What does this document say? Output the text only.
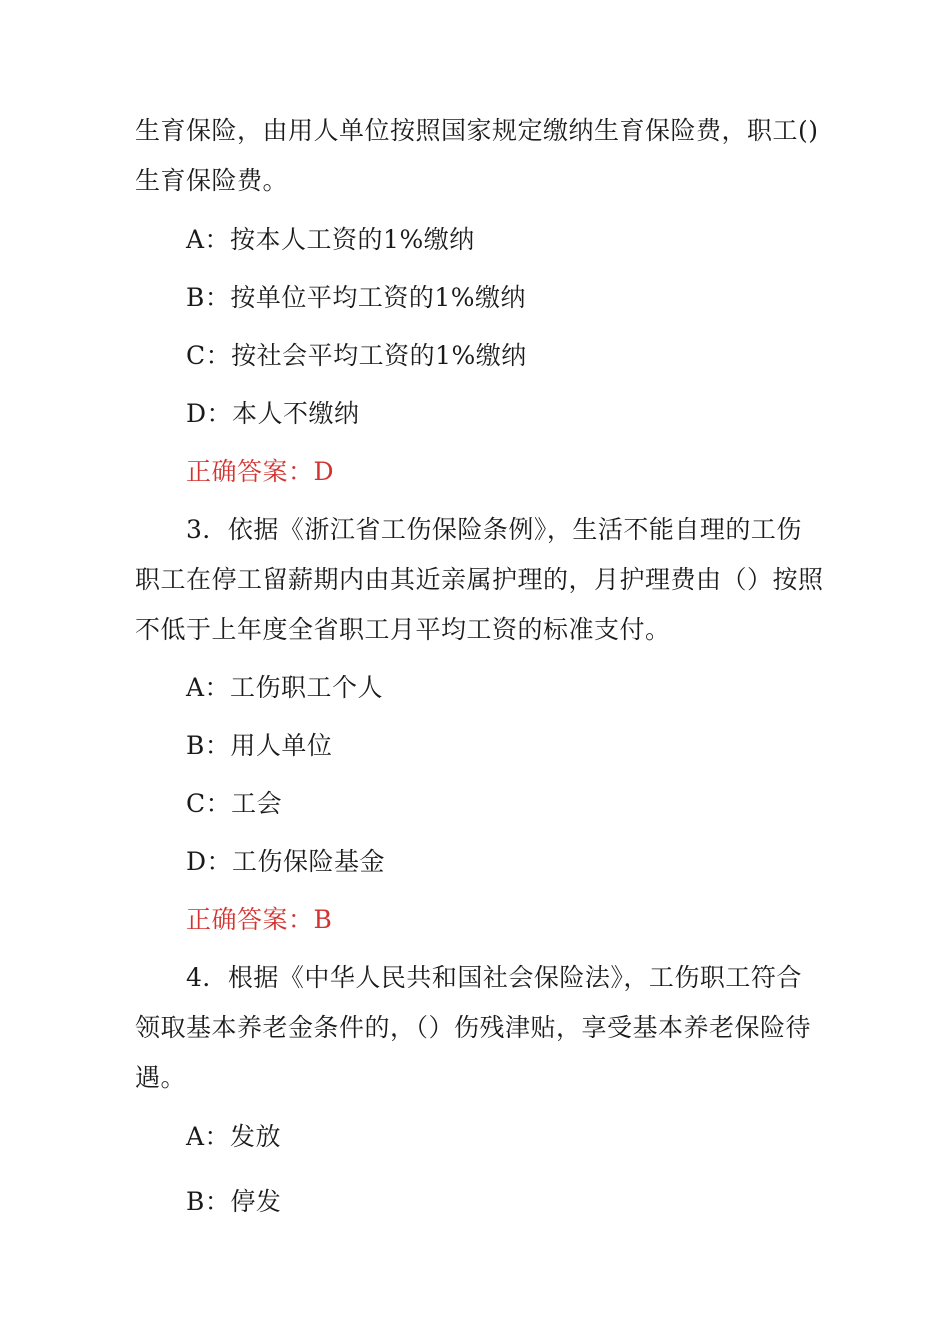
生育保险，由用人单位按照国家规定缴纳生育保险费，职工()
生育保险费。
A：按本人工资的1%缴纳
B：按单位平均工资的1%缴纳
C：按社会平均工资的1%缴纳
D：本人不缴纳
正确答案：D
3．依据《浙江省工伤保险条例》，生活不能自理的工伤
职工在停工留薪期内由其近亲属护理的，月护理费由（）按照
不低于上年度全省职工月平均工资的标准支付。
A：工伤职工个人
B：用人单位
C：工会
D：工伤保险基金
正确答案：B
4．根据《中华人民共和国社会保险法》，工伤职工符合
领取基本养老金条件的，（）伤残津贴，享受基本养老保险待
遇。
A：发放
B：停发
